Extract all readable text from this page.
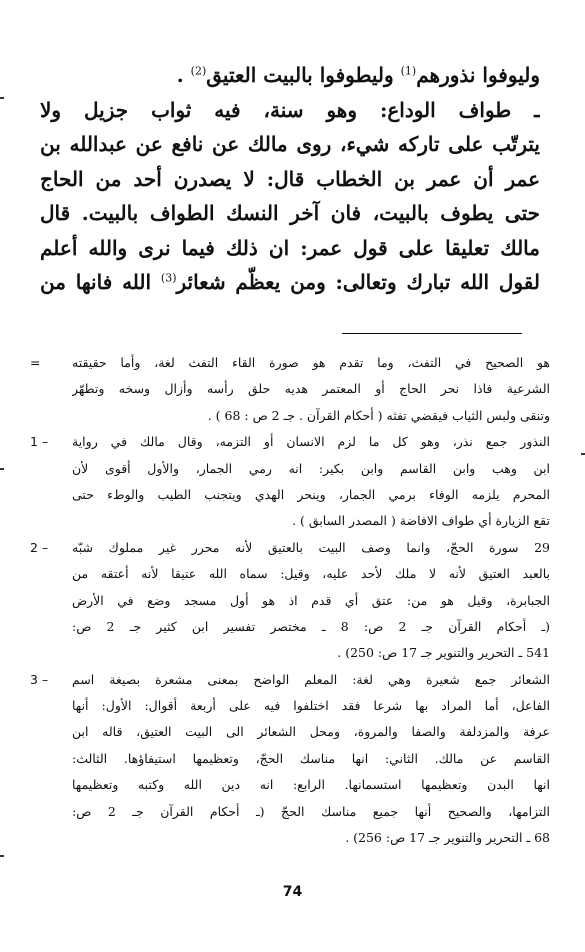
وليوفوا نذورهم$^{(1)}$ وليطوفوا بالبيت العتيق$^{(2)}$ .
ـ طواف الوداع: وهو سنة، فيه ثواب جزيل ولا
يترتّب على تاركه شيء، روى مالك عن نافع عن عبدالله بن
عمر أن عمر بن الخطاب قال: لا يصدرن أحد من الحاج
حتى يطوف بالبيت، فان آخر النسك الطواف بالبيت. قال
مالك تعليقا على قول عمر: ان ذلك فيما نرى والله أعلم
لقول الله تبارك وتعالى: ومن يعظّم شعائر$^{(3)}$ الله فانها من
هو الصحيح في التفث، وما تقدم هو صورة القاء التفث لغة، وأما حقيقته
الشرعية فاذا نحر الحاج أو المعتمر هديه حلق رأسه وأزال وسخه وتطهّر
وتنقى ولبس الثياب فيقضي تفثه ( أحكام القرآن . جـ 2 ص : 68 ) .
=
النذور جمع نذر، وهو كل ما لزم الانسان أو التزمه، وقال مالك في رواية
ابن وهب وابن القاسم وابن بكير: انه رمي الجمار، والأول أقوى لأن
المحرم يلزمه الوفاء برمي الجمار، وينحر الهدي ويتجنب الطيب والوطء حتى
تقع الزيارة أي طواف الافاضة ( المصدر السابق ) .
1 –
29 سورة الحجّ، وانما وصف البيت بالعتيق لأنه محرر غير مملوك شبّه
بالعبد العتيق لأنه لا ملك لأحد عليه، وقيل: سماه الله عتيقا لأنه أعتقه من
الجبابرة، وقيل هو من: عتق أي قدم اذ هو أول مسجد وضع في الأرض
(ـ أحكام القرآن جـ 2 ص: 8 ـ مختصر تفسير ابن كثير جـ 2 ص:
541 ـ التحرير والتنوير جـ 17 ص: 250) .
2 –
الشعائر جمع شعيرة وهي لغة: المعلم الواضح بمعنى مشعرة بصيغة اسم
الفاعل، أما المراد بها شرعا فقد اختلفوا فيه على أربعة أقوال: الأول: أنها
عرفة والمزدلفة والصفا والمروة، ومحل الشعائر الى البيت العتيق، قاله ابن
القاسم عن مالك. الثاني: انها مناسك الحجّ، وتعظيمها استيفاؤها. الثالث:
انها البدن وتعظيمها استسمانها. الرابع: انه دين الله وكتبه وتعظيمها
التزامها، والصحيح أنها جميع مناسك الحجّ (ـ أحكام القرآن جـ 2 ص:
68 ـ التحرير والتنوير جـ 17 ص: 256) .
3 –
74
